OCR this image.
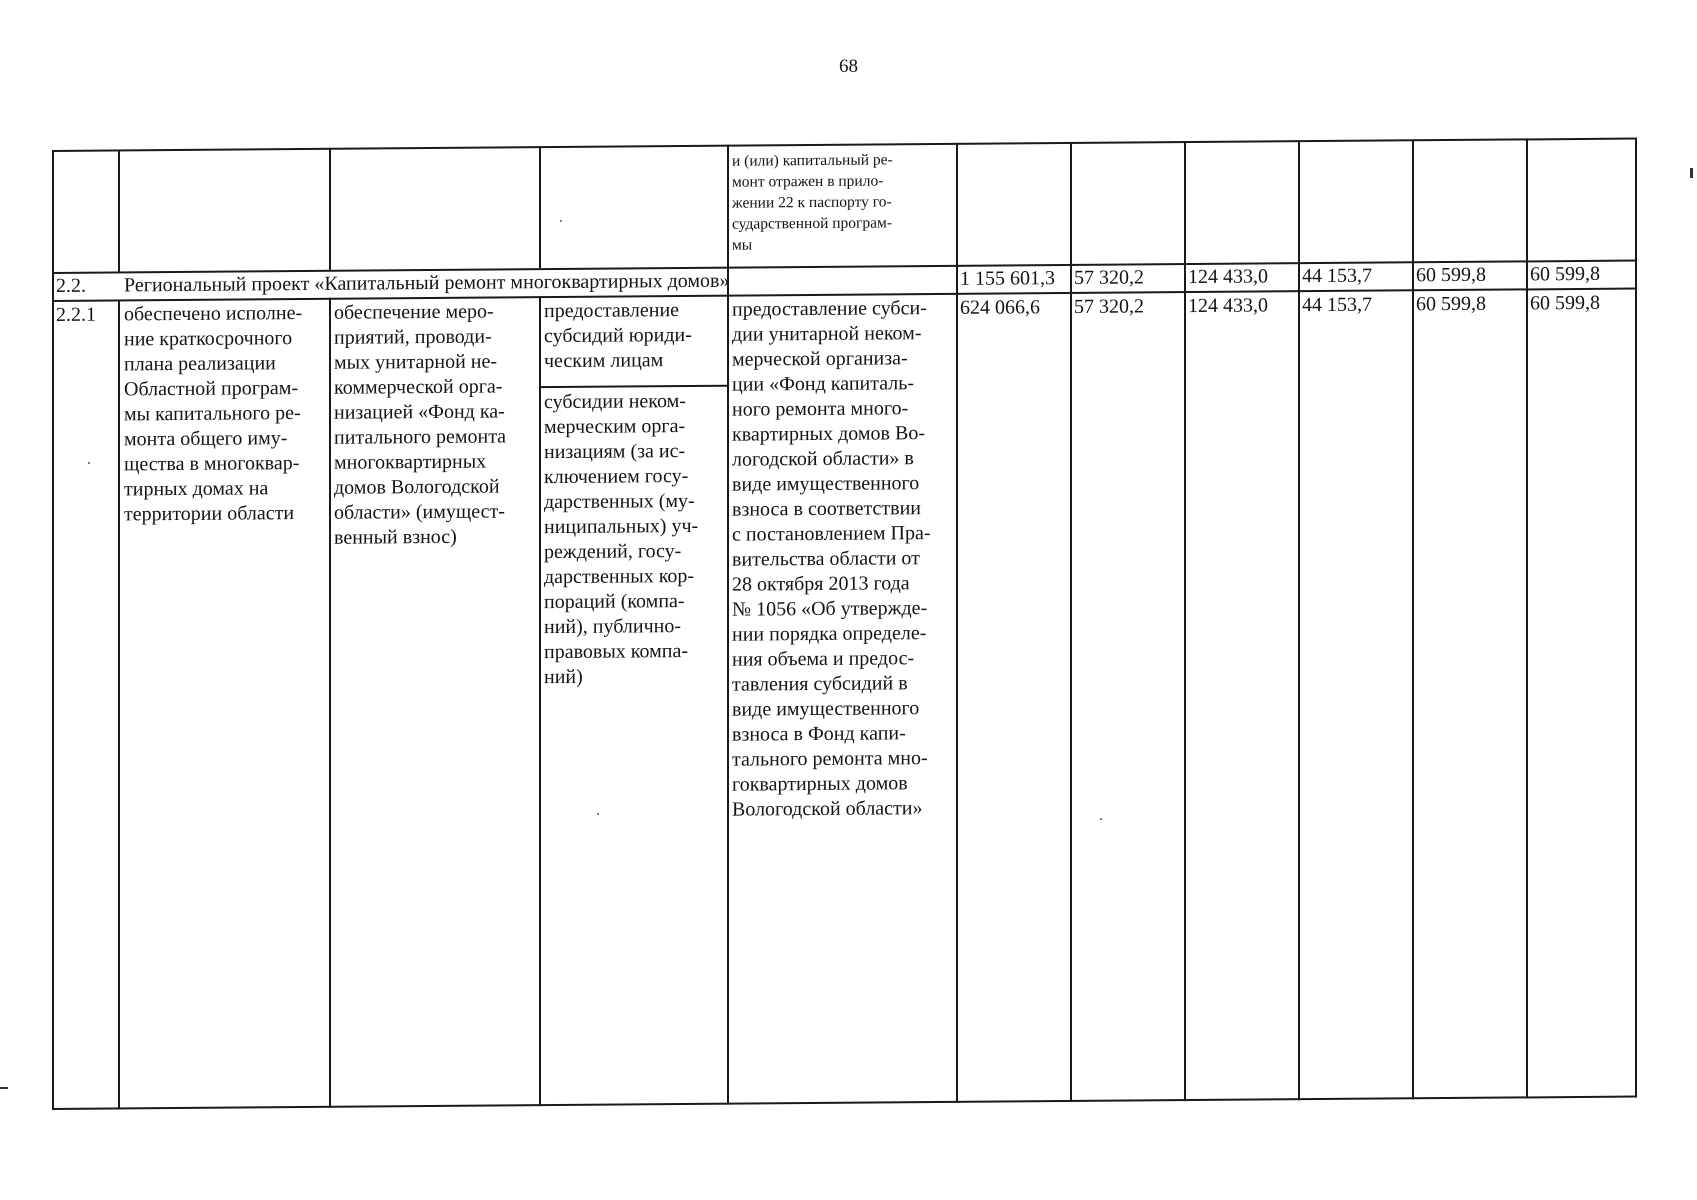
68
и (или) капитальный ре-
монт отражен в прило-
жении 22 к паспорту го-
сударственной програм-
мы
2.2. Региональный проект «Капитальный ремонт многоквартирных домов»	1 155 601,3 57 320,2 124 433,0 44 153,7 60 599,8 60 599,8
2.2.1 обеспечено исполне-
ние краткосрочного
плана реализации
Областной програм-
мы капитального ре-
монта общего иму-
щества в многоквар-
тирных домах на
территории области
обеспечение меро-
приятий, проводи-
мых унитарной не-
коммерческой орга-
низацией «Фонд ка-
питального ремонта
многоквартирных
домов Вологодской
области» (имущест-
венный взнос)
предоставление
субсидий юриди-
ческим лицам
субсидии неком-
мерческим орга-
низациям (за ис-
ключением госу-
дарственных (му-
ниципальных) уч-
реждений, госу-
дарственных кор-
пораций (компа-
ний), публично-
правовых компа-
ний)
предоставление субси-
дии унитарной неком-
мерческой организа-
ции «Фонд капиталь-
ного ремонта много-
квартирных домов Во-
логодской области» в
виде имущественного
взноса в соответствии
с постановлением Пра-
вительства области от
28 октября 2013 года
№ 1056 «Об утвержде-
нии порядка определе-
ния объема и предос-
тавления субсидий в
виде имущественного
взноса в Фонд капи-
тального ремонта мно-
гоквартирных домов
Вологодской области»
624 066,6 57 320,2 124 433,0 44 153,7 60 599,8 60 599,8
